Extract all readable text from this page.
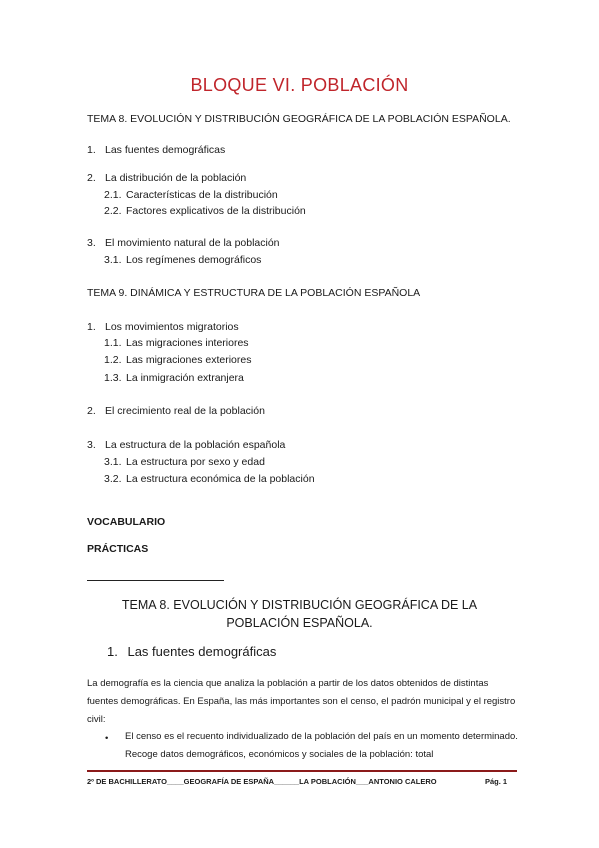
BLOQUE VI. POBLACIÓN
TEMA 8. EVOLUCIÓN Y DISTRIBUCIÓN GEOGRÁFICA DE LA POBLACIÓN ESPAÑOLA.
1. Las fuentes demográficas
2. La distribución de la población
2.1. Características de la distribución
2.2. Factores explicativos de la distribución
3. El movimiento natural de la población
3.1. Los regímenes demográficos
TEMA 9. DINÁMICA Y ESTRUCTURA DE LA POBLACIÓN ESPAÑOLA
1. Los movimientos migratorios
1.1. Las migraciones interiores
1.2. Las migraciones exteriores
1.3. La inmigración extranjera
2. El crecimiento real de la población
3. La estructura de la población española
3.1. La estructura por sexo y edad
3.2. La estructura económica de la población
VOCABULARIO
PRÁCTICAS
TEMA 8. EVOLUCIÓN Y DISTRIBUCIÓN GEOGRÁFICA DE LA POBLACIÓN ESPAÑOLA.
1. Las fuentes demográficas
La demografía es la ciencia que analiza la población a partir de los datos obtenidos de distintas fuentes demográficas. En España, las más importantes son el censo, el padrón municipal y el registro civil:
• El censo es el recuento individualizado de la población del país en un momento determinado. Recoge datos demográficos, económicos y sociales de la población: total
2º DE BACHILLERATO____GEOGRAFÍA DE ESPAÑA______LA POBLACIÓN___ANTONIO CALERO	Pág. 1
